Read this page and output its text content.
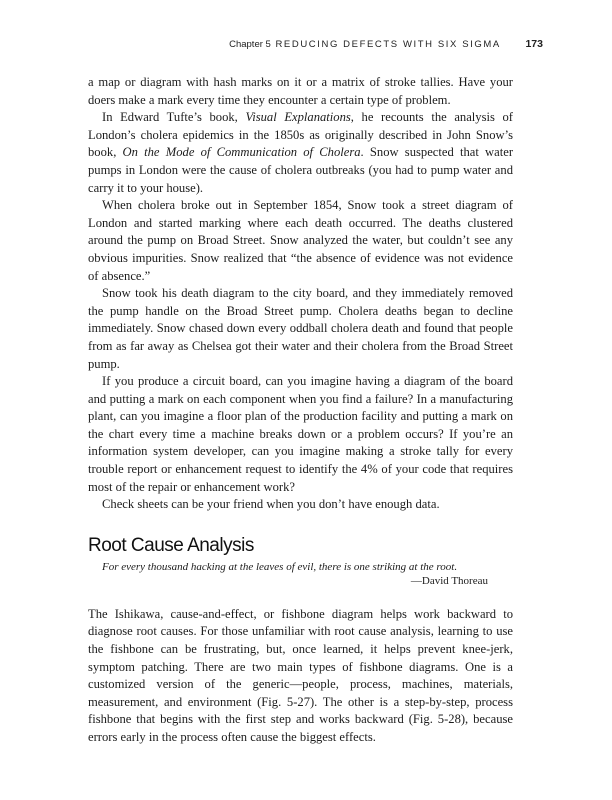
Chapter 5 REDUCING DEFECTS WITH SIX SIGMA 173

a map or diagram with hash marks on it or a matrix of stroke tallies. Have your doers make a mark every time they encounter a certain type of problem.

In Edward Tufte’s book, Visual Explanations, he recounts the analysis of London’s cholera epidemics in the 1850s as originally described in John Snow’s book, On the Mode of Communication of Cholera. Snow suspected that water pumps in London were the cause of cholera outbreaks (you had to pump water and carry it to your house).

When cholera broke out in September 1854, Snow took a street diagram of London and started marking where each death occurred. The deaths clustered around the pump on Broad Street. Snow analyzed the water, but couldn’t see any obvious impurities. Snow realized that “the absence of evidence was not evidence of absence.”

Snow took his death diagram to the city board, and they immediately removed the pump handle on the Broad Street pump. Cholera deaths began to decline immediately. Snow chased down every oddball cholera death and found that people from as far away as Chelsea got their water and their cholera from the Broad Street pump.

If you produce a circuit board, can you imagine having a diagram of the board and putting a mark on each component when you find a failure? In a manufacturing plant, can you imagine a floor plan of the production facility and putting a mark on the chart every time a machine breaks down or a problem occurs? If you’re an information system developer, can you imagine making a stroke tally for every trouble report or enhancement request to identify the 4% of your code that requires most of the repair or enhancement work?

Check sheets can be your friend when you don’t have enough data.

Root Cause Analysis
For every thousand hacking at the leaves of evil, there is one striking at the root.
—David Thoreau

The Ishikawa, cause-and-effect, or fishbone diagram helps work backward to diagnose root causes. For those unfamiliar with root cause analysis, learning to use the fishbone can be frustrating, but, once learned, it helps prevent knee-jerk, symptom patching. There are two main types of fishbone diagrams. One is a customized version of the generic—people, process, machines, materials, measurement, and environment (Fig. 5-27). The other is a step-by-step, process fishbone that begins with the first step and works backward (Fig. 5-28), because errors early in the process often cause the biggest effects.
